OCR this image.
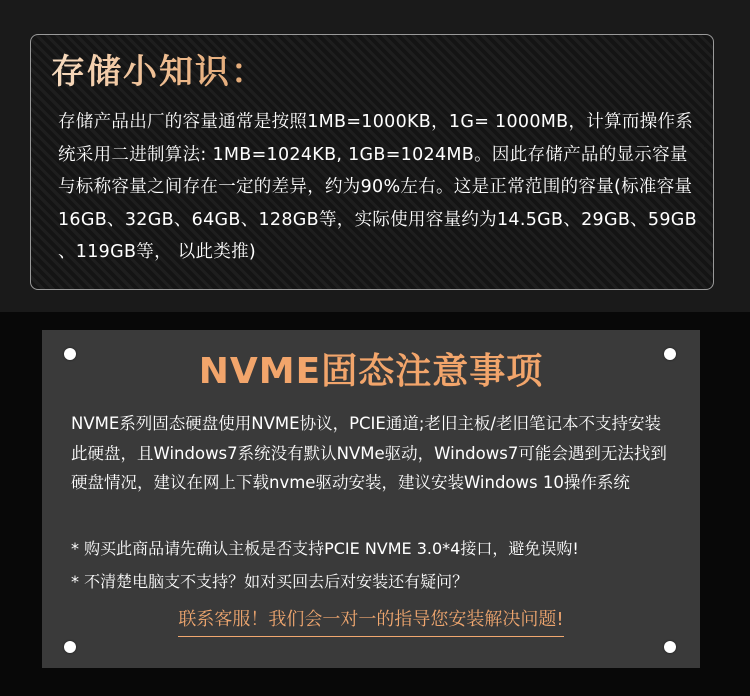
存储小知识：

存储产品出厂的容量通常是按照1MB=1000KB，1G= 1000MB，计算而操作系统采用二进制算法: 1MB=1024KB, 1GB=1024MB。因此存储产品的显示容量与标称容量之间存在一定的差异，约为90%左右。这是正常范围的容量(标准容量16GB、32GB、64GB、128GB等，实际使用容量约为14.5GB、29GB、59GB 、119GB等， 以此类推)

NVME固态注意事项

NVME系列固态硬盘使用NVME协议，PCIE通道;老旧主板/老旧笔记本不支持安装此硬盘，且Windows7系统没有默认NVMe驱动，Windows7可能会遇到无法找到硬盘情况，建议在网上下载nvme驱动安装，建议安装Windows 10操作系统

* 购买此商品请先确认主板是否支持PCIE NVME 3.0*4接口，避免误购!

* 不清楚电脑支不支持？如对买回去后对安装还有疑问？

联系客服！我们会一对一的指导您安装解决问题!
